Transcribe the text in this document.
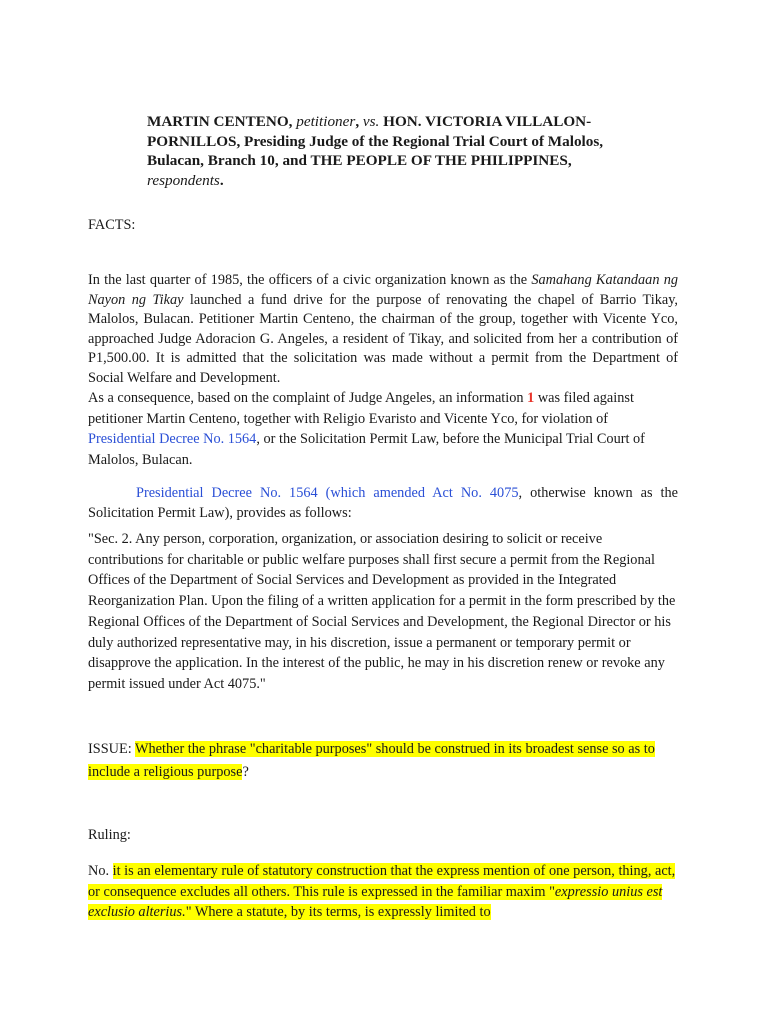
MARTIN CENTENO, petitioner, vs. HON. VICTORIA VILLALON-PORNILLOS, Presiding Judge of the Regional Trial Court of Malolos, Bulacan, Branch 10, and THE PEOPLE OF THE PHILIPPINES, respondents.
FACTS:
In the last quarter of 1985, the officers of a civic organization known as the Samahang Katandaan ng Nayon ng Tikay launched a fund drive for the purpose of renovating the chapel of Barrio Tikay, Malolos, Bulacan. Petitioner Martin Centeno, the chairman of the group, together with Vicente Yco, approached Judge Adoracion G. Angeles, a resident of Tikay, and solicited from her a contribution of P1,500.00. It is admitted that the solicitation was made without a permit from the Department of Social Welfare and Development.
As a consequence, based on the complaint of Judge Angeles, an information 1 was filed against petitioner Martin Centeno, together with Religio Evaristo and Vicente Yco, for violation of Presidential Decree No. 1564, or the Solicitation Permit Law, before the Municipal Trial Court of Malolos, Bulacan.
Presidential Decree No. 1564 (which amended Act No. 4075, otherwise known as the Solicitation Permit Law), provides as follows:
"Sec. 2. Any person, corporation, organization, or association desiring to solicit or receive contributions for charitable or public welfare purposes shall first secure a permit from the Regional Offices of the Department of Social Services and Development as provided in the Integrated Reorganization Plan. Upon the filing of a written application for a permit in the form prescribed by the Regional Offices of the Department of Social Services and Development, the Regional Director or his duly authorized representative may, in his discretion, issue a permanent or temporary permit or disapprove the application. In the interest of the public, he may in his discretion renew or revoke any permit issued under Act 4075."
ISSUE: Whether the phrase "charitable purposes" should be construed in its broadest sense so as to include a religious purpose?
Ruling:
No. it is an elementary rule of statutory construction that the express mention of one person, thing, act, or consequence excludes all others. This rule is expressed in the familiar maxim "expressio unius est exclusio alterius." Where a statute, by its terms, is expressly limited to
